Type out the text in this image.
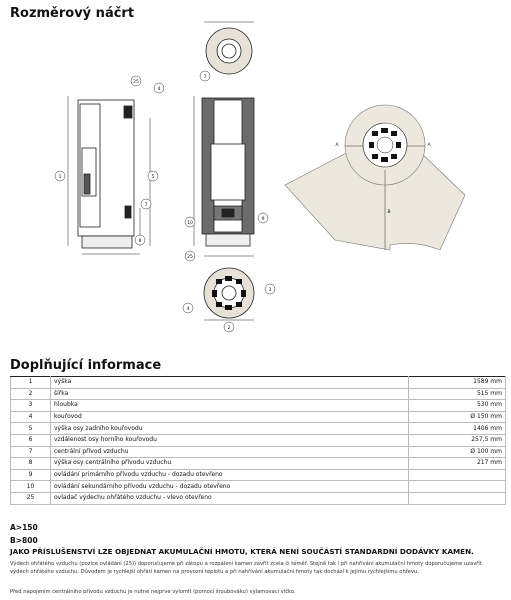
Rozměrový náčrt
1	5
25
4
7
8
7
10
9
25
4
3
2
A	A
B
Doplňující informace
1	výška	1589 mm
2	šířka	515 mm
3	hloubka	530 mm
4	kouřovod	Ø 150 mm
5	výška osy zadního kouřovodu	1406 mm
6	vzdálenost osy horního kouřovodu	257,5 mm
7	centrální přívod vzduchu	Ø 100 mm
8	výška osy centrálního přívodu vzduchu	217 mm
9	ovládání primárního přívodu vzduchu - dozadu otevřeno	
10	ovládání sekundárního přívodu vzduchu - dozadu otevřeno	
25	ovladač výdechu ohřátého vzduchu - vlevo otevřeno	
A>150
B>800
JAKO PŘÍSLUŠENSTVÍ LZE OBJEDNAT AKUMULAČNÍ HMOTU, KTERÁ NENÍ SOUČÁSTÍ STANDARDNÍ DODÁVKY KAMEN.
Výdech ohřátého vzduchu (pozice ovládání (25)) doporučujeme při zátopu a rozpálení kamen zavřít zcela či téměř. Stejně tak i při nahřívání akumulační hmoty doporučujeme uzavřít výdech ohřátého vzduchu. Důvodem je rychlejší ohřátí kamen na provozní teplotu a při nahřívání akumulační hmoty tak dochází k jejímu rychlejšímu ohřevu.
Před napojením centrálního přívodu vzduchu je nutné nejprve vylomit (pomocí šroubováku) vylamovací víčko.
